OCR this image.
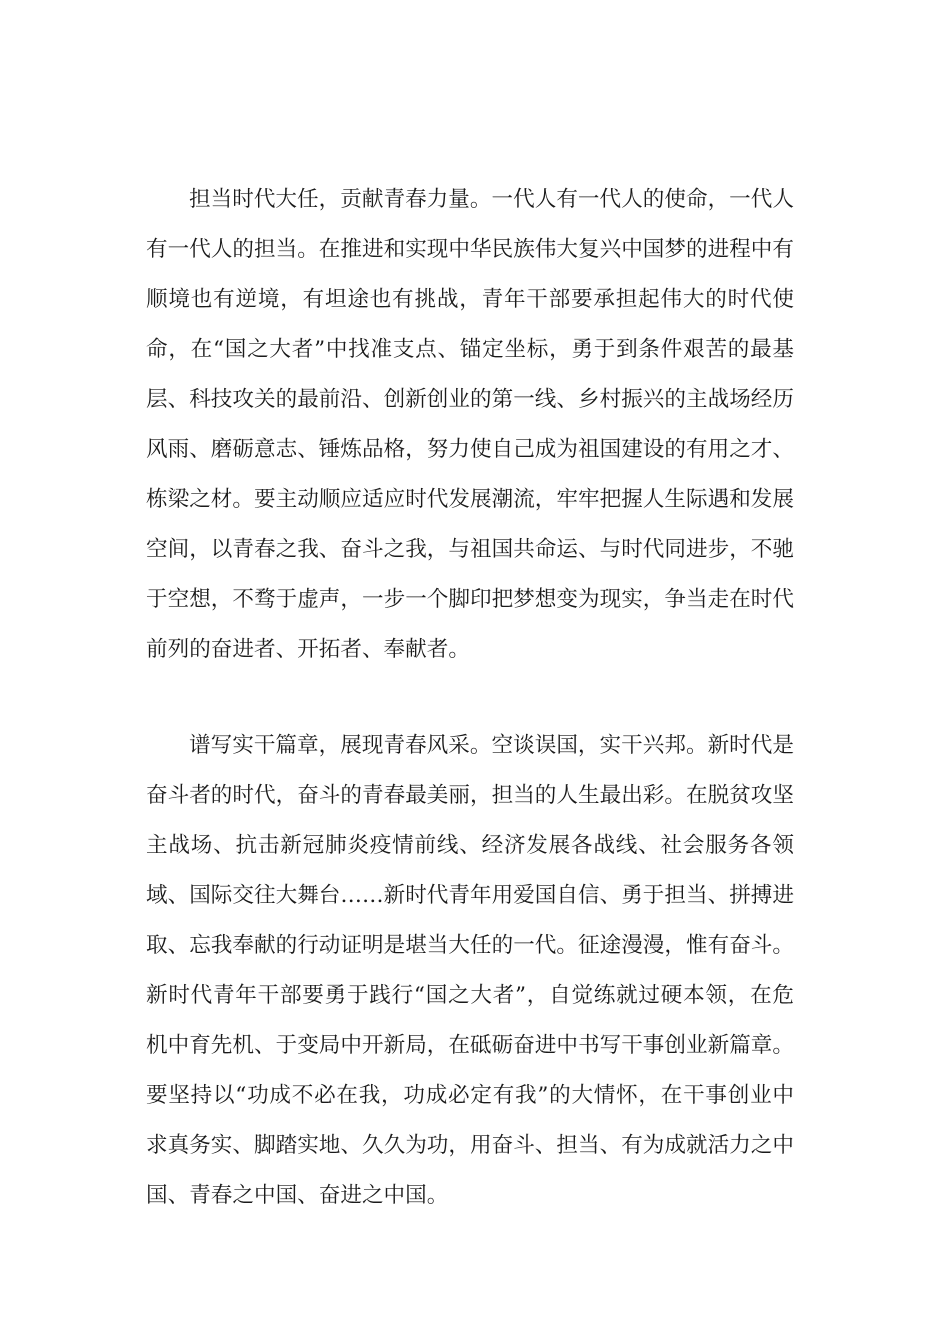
担当时代大任，贡献青春力量。一代人有一代人的使命，一代人有一代人的担当。在推进和实现中华民族伟大复兴中国梦的进程中有顺境也有逆境，有坦途也有挑战，青年干部要承担起伟大的时代使命，在“国之大者”中找准支点、锚定坐标，勇于到条件艰苦的最基层、科技攻关的最前沿、创新创业的第一线、乡村振兴的主战场经历风雨、磨砺意志、锤炼品格，努力使自己成为祖国建设的有用之才、栋梁之材。要主动顺应适应时代发展潮流，牢牢把握人生际遇和发展空间，以青春之我、奋斗之我，与祖国共命运、与时代同进步，不驰于空想，不骛于虚声，一步一个脚印把梦想变为现实，争当走在时代前列的奋进者、开拓者、奉献者。

谱写实干篇章，展现青春风采。空谈误国，实干兴邦。新时代是奋斗者的时代，奋斗的青春最美丽，担当的人生最出彩。在脱贫攻坚主战场、抗击新冠肺炎疫情前线、经济发展各战线、社会服务各领域、国际交往大舞台……新时代青年用爱国自信、勇于担当、拼搏进取、忘我奉献的行动证明是堪当大任的一代。征途漫漫，惟有奋斗。新时代青年干部要勇于践行“国之大者”，自觉练就过硬本领，在危机中育先机、于变局中开新局，在砥砺奋进中书写干事创业新篇章。要坚持以“功成不必在我，功成必定有我”的大情怀，在干事创业中求真务实、脚踏实地、久久为功，用奋斗、担当、有为成就活力之中国、青春之中国、奋进之中国。
